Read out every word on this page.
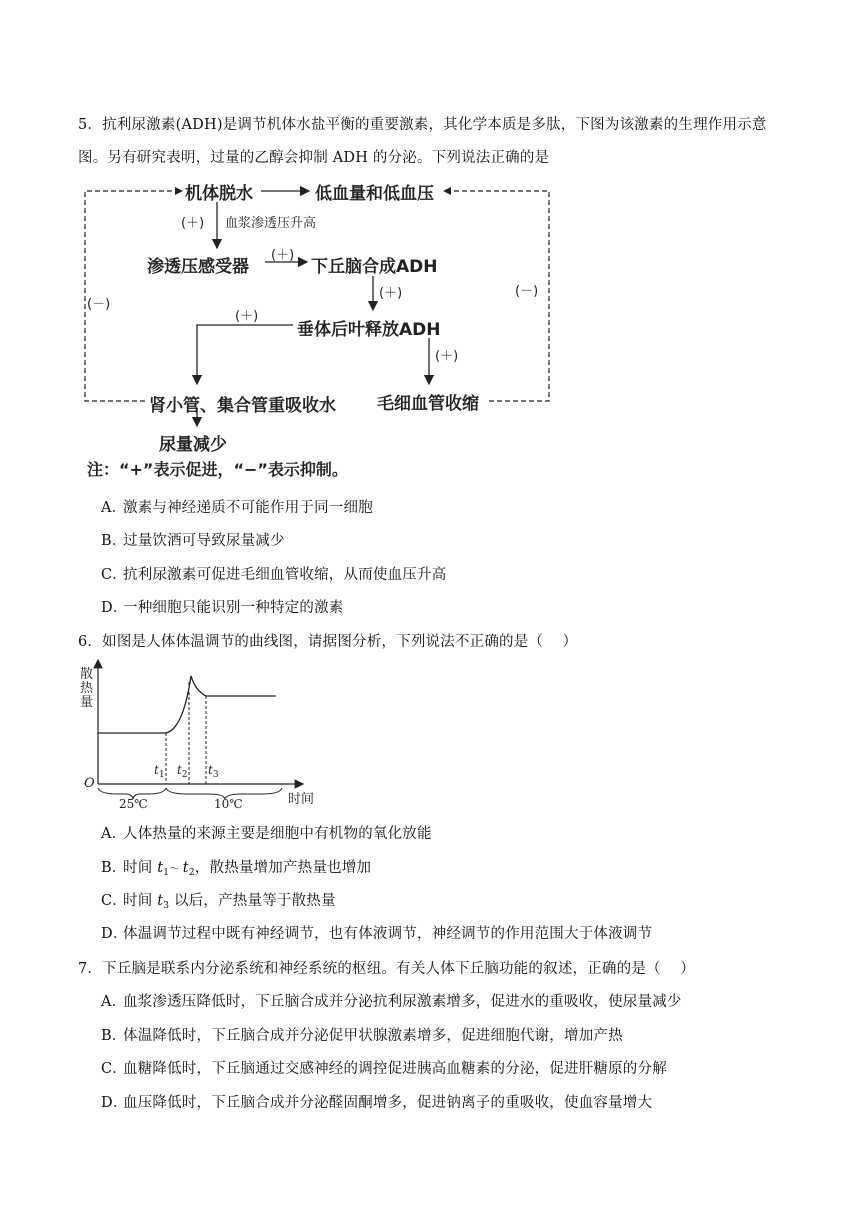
5．抗利尿激素(ADH)是调节机体水盐平衡的重要激素，其化学本质是多肽，下图为该激素的生理作用示意
图。另有研究表明，过量的乙醇会抑制 ADH 的分泌。下列说法正确的是
机体脱水	低血量和低血压
(＋) 血浆渗透压升高
渗透压感受器
(＋)
下丘脑合成ADH
(＋)
(－)
(－)
(＋)
垂体后叶释放ADH
(＋)
肾小管、集合管重吸收水 毛细血管收缩
尿量减少
注：“+”表示促进，“−”表示抑制。
A．激素与神经递质不可能作用于同一细胞
B．过量饮酒可导致尿量减少
C．抗利尿激素可促进毛细血管收缩，从而使血压升高
D．一种细胞只能识别一种特定的激素
6．如图是人体体温调节的曲线图，请据图分析，下列说法不正确的是（　 ）
散热量
O
时间
$t_1$ $t_2$ $t_3$
25℃	10℃
A．人体热量的来源主要是细胞中有机物的氧化放能
B．时间 $t_1\sim$ $t_2$，散热量增加产热量也增加
C．时间 $t_3$ 以后，产热量等于散热量
D．体温调节过程中既有神经调节，也有体液调节，神经调节的作用范围大于体液调节
7．下丘脑是联系内分泌系统和神经系统的枢纽。有关人体下丘脑功能的叙述，正确的是（　 ）
A．血浆渗透压降低时，下丘脑合成并分泌抗利尿激素增多，促进水的重吸收，使尿量减少
B．体温降低时，下丘脑合成并分泌促甲状腺激素增多，促进细胞代谢，增加产热
C．血糖降低时，下丘脑通过交感神经的调控促进胰高血糖素的分泌，促进肝糖原的分解
D．血压降低时，下丘脑合成并分泌醛固酮增多，促进钠离子的重吸收，使血容量增大
